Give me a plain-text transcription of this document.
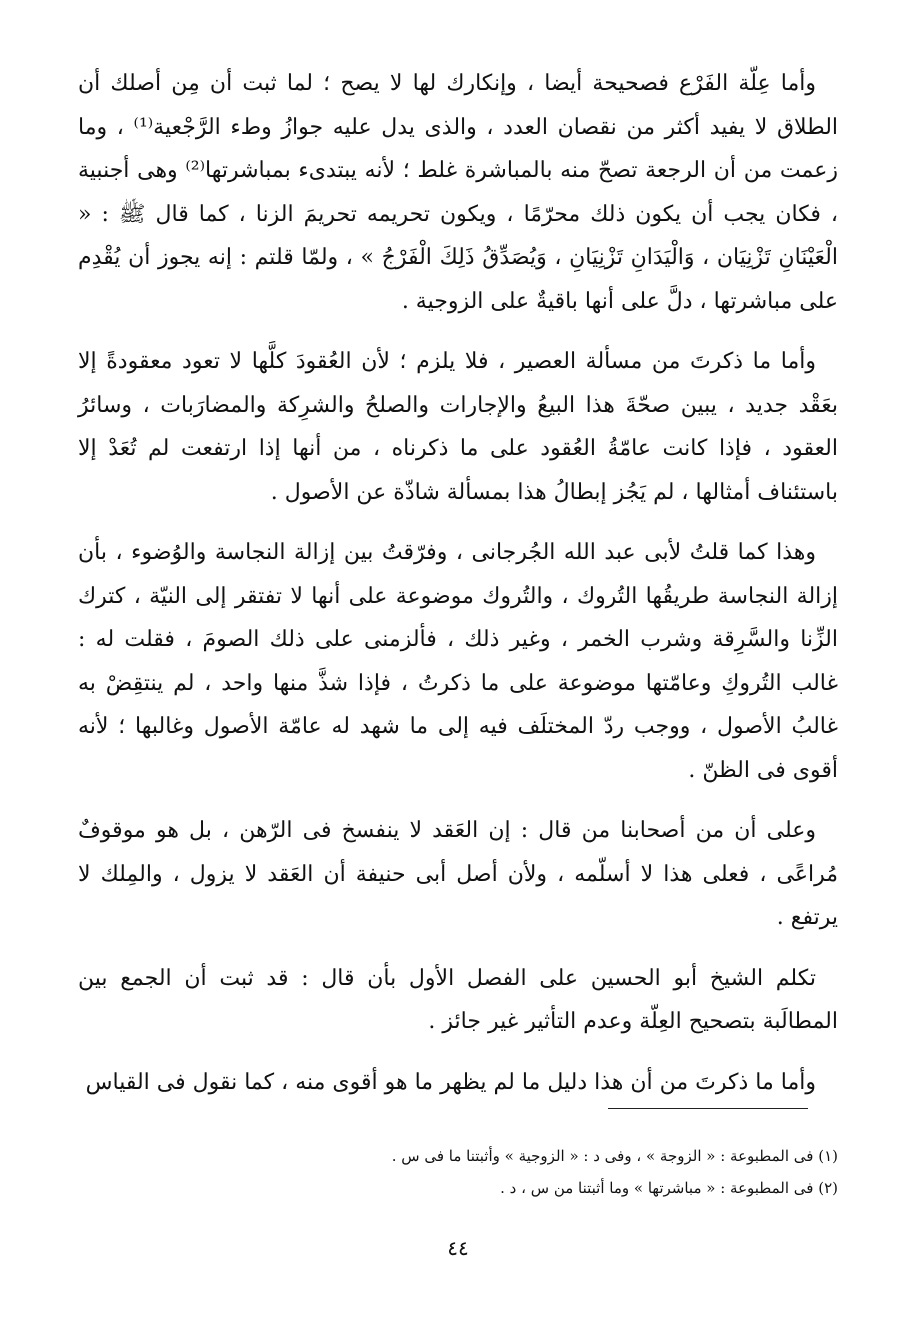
وأما عِلّة الفَرْع فصحيحة أيضا ، وإنكارك لها لا يصح ؛ لما ثبت أن مِن أصلك أن الطلاق لا يفيد أكثر من نقصان العدد ، والذى يدل عليه جوازُ وطء الرَّجْعية⁽¹⁾ ، وما زعمت من أن الرجعة تصحّ منه بالمباشرة غلط ؛ لأنه يبتدىء بمباشرتها⁽²⁾ وهى أجنبية ، فكان يجب أن يكون ذلك محرّمًا ، ويكون تحريمه تحريمَ الزنا ، كما قال ﷺ : « الْعَيْنَانِ تَزْنِيَان ، وَالْيَدَانِ تَزْنِيَانِ ، وَيُصَدِّقُ ذَلِكَ الْفَرْجُ » ، ولمّا قلتم : إنه يجوز أن يُقْدِم على مباشرتها ، دلَّ على أنها باقيةٌ على الزوجية .

وأما ما ذكرتَ من مسألة العصير ، فلا يلزم ؛ لأن العُقودَ كلَّها لا تعود معقودةً إلا بعَقْد جديد ، يبين صحّةَ هذا البيعُ والإجارات والصلحُ والشرِكة والمضارَبات ، وسائرُ العقود ، فإذا كانت عامّةُ العُقود على ما ذكرناه ، من أنها إذا ارتفعت لم تُعَدْ إلا باستئناف أمثالها ، لم يَجُز إبطالُ هذا بمسألة شاذّة عن الأصول .

وهذا كما قلتُ لأبى عبد الله الجُرجانى ، وفرّقتُ بين إزالة النجاسة والوُضوء ، بأن إزالة النجاسة طريقُها التُروك ، والتُروك موضوعة على أنها لا تفتقر إلى النيّة ، كترك الزِّنا والسَّرِقة وشرب الخمر ، وغير ذلك ، فألزمنى على ذلك الصومَ ، فقلت له : غالب التُروكِ وعامّتها موضوعة على ما ذكرتُ ، فإذا شذَّ منها واحد ، لم ينتقِضْ به غالبُ الأصول ، ووجب ردّ المختلَف فيه إلى ما شهد له عامّة الأصول وغالبها ؛ لأنه أقوى فى الظنّ .

وعلى أن من أصحابنا من قال : إن العَقد لا ينفسخ فى الرّهن ، بل هو موقوفٌ مُراعًى ، فعلى هذا لا أسلّمه ، ولأن أصل أبى حنيفة أن العَقد لا يزول ، والمِلك لا يرتفع .

تكلم الشيخ أبو الحسين على الفصل الأول بأن قال : قد ثبت أن الجمع بين المطالَبة بتصحيح العِلّة وعدم التأثير غير جائز .

وأما ما ذكرتَ من أن هذا دليل ما لم يظهر ما هو أقوى منه ، كما نقول فى القياس

(١) فى المطبوعة : « الزوجة » ، وفى د : « الزوجية » وأثبتنا ما فى س .

(٢) فى المطبوعة : « مباشرتها » وما أثبتنا من س ، د .

٤٤
